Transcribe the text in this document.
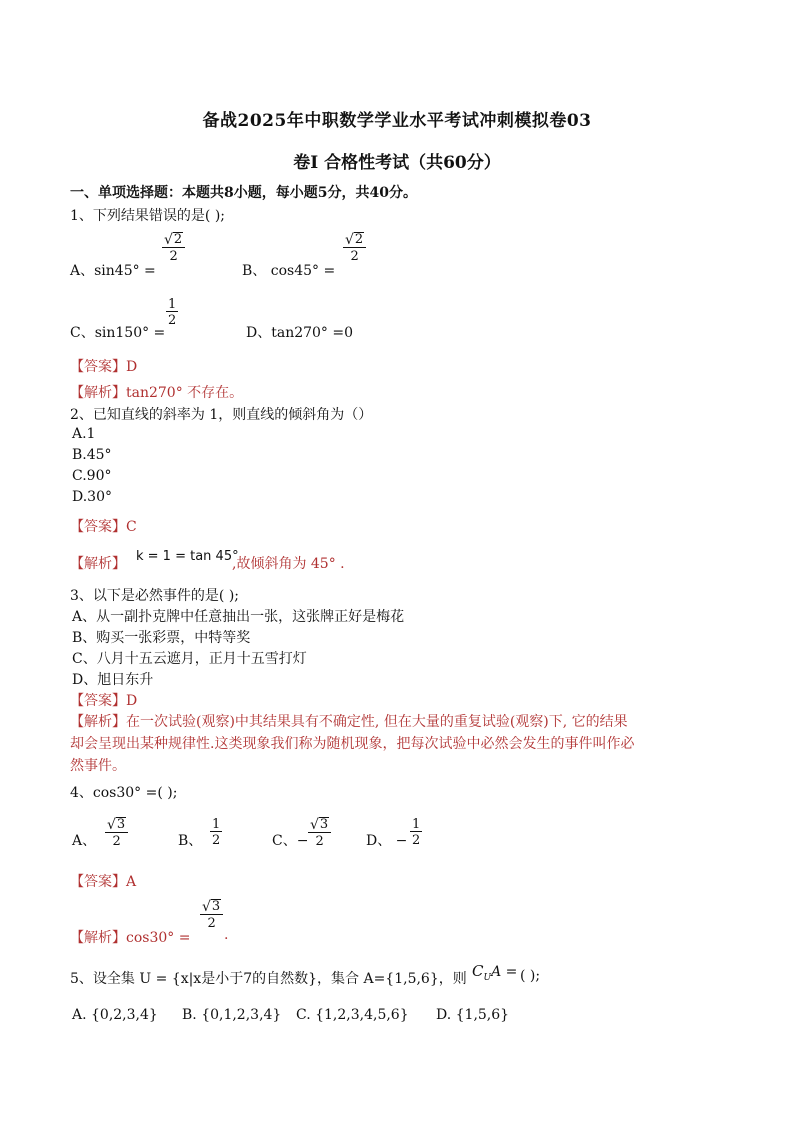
备战2025年中职数学学业水平考试冲刺模拟卷03
卷Ⅰ 合格性考试（共60分）
一、单项选择题：本题共8小题，每小题5分，共40分。
1、下列结果错误的是( );
A、sin45° =
$\frac{√ 2}{2}$
B、 cos45° =
$\frac{√ 2}{2}$
C、sin150° =
$\frac{1}{2}$
D、tan270° =0
【答案】D
【解析】tan270° 不存在。
2、已知直线的斜率为 1，则直线的倾斜角为（）
A.1
B.45°
C.90°
D.30°
【答案】C
【解析】 k = 1 = tan 45°
,故倾斜角为 45° .
3、以下是必然事件的是( );
A、从一副扑克牌中任意抽出一张，这张牌正好是梅花
B、购买一张彩票，中特等奖
C、八月十五云遮月，正月十五雪打灯
D、旭日东升
【答案】D
【解析】在一次试验(观察)中其结果具有不确定性, 但在大量的重复试验(观察)下, 它的结果
却会呈现出某种规律性.这类现象我们称为随机现象，把每次试验中必然会发生的事件叫作必
然事件。
4、cos30° =( );
A、 $\frac{√ 3}{2}$	B、 $\frac{1}{2}$	C、− $\frac{√ 3}{2}$ D、 − $\frac{1}{2}$
【答案】A
【解析】cos30° =
$\frac{√ 3}{2}$
.
5、设全集 U = {x|x是小于7的自然数}，集合 A={1,5,6}，则 $C_UA$ = ( );
A. {0,2,3,4} B. {0,1,2,3,4} C. {1,2,3,4,5,6} D. {1,5,6}
